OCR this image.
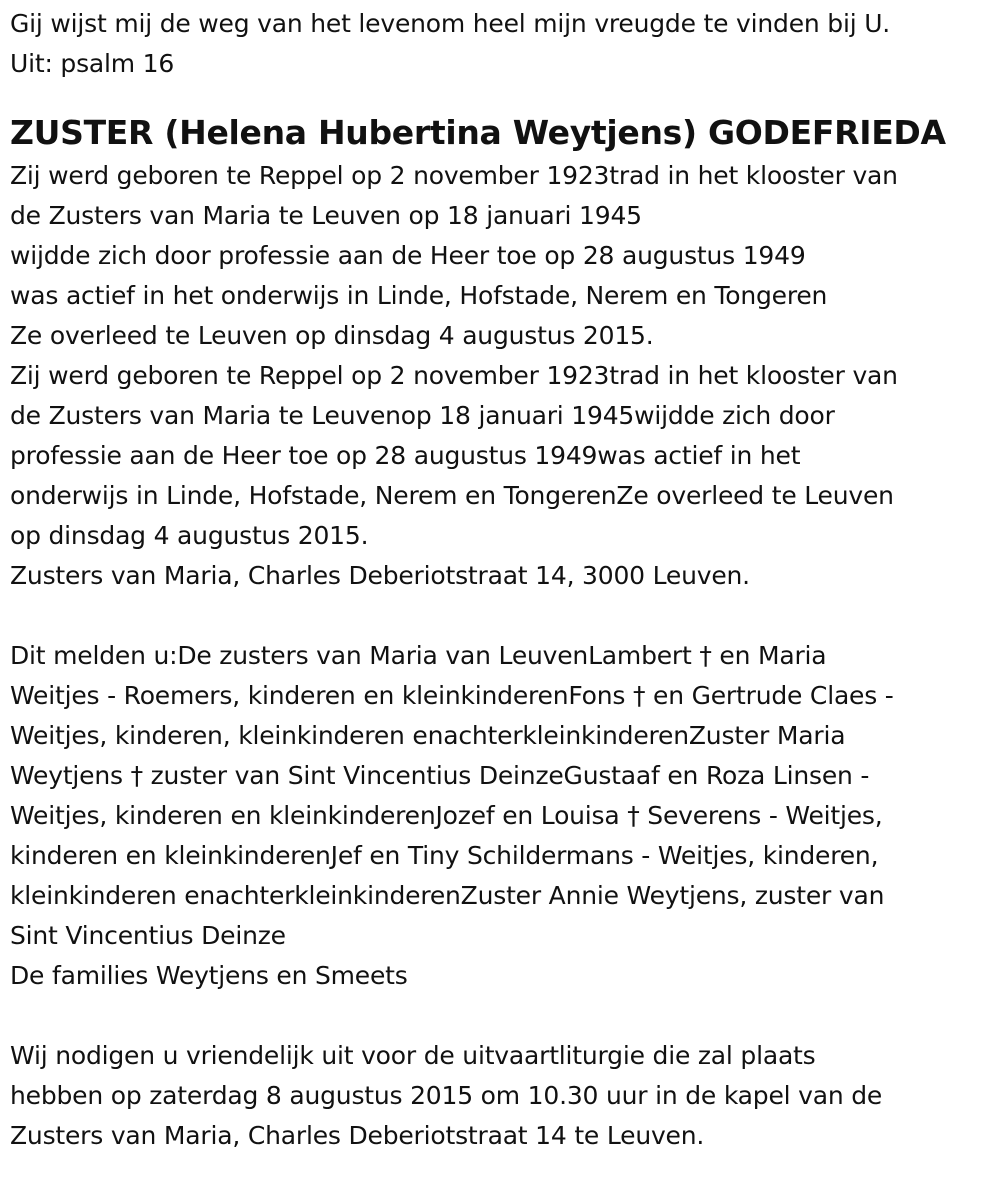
Gij wijst mij de weg van het levenom heel mijn vreugde te vinden bij U.
Uit: psalm 16
ZUSTER (Helena Hubertina Weytjens) GODEFRIEDA
Zij werd geboren te Reppel op 2 november 1923trad in het klooster van
de Zusters van Maria te Leuven op 18 januari 1945
wijdde zich door professie aan de Heer toe op 28 augustus 1949
was actief in het onderwijs in Linde, Hofstade, Nerem en Tongeren
Ze overleed te Leuven op dinsdag 4 augustus 2015.
Zij werd geboren te Reppel op 2 november 1923trad in het klooster van
de Zusters van Maria te Leuvenop 18 januari 1945wijdde zich door
professie aan de Heer toe op 28 augustus 1949was actief in het
onderwijs in Linde, Hofstade, Nerem en TongerenZe overleed te Leuven
op dinsdag 4 augustus 2015.
Zusters van Maria, Charles Deberiotstraat 14, 3000 Leuven.
Dit melden u:De zusters van Maria van LeuvenLambert † en Maria
Weitjes - Roemers, kinderen en kleinkinderenFons † en Gertrude Claes -
Weitjes, kinderen, kleinkinderen enachterkleinkinderenZuster Maria
Weytjens † zuster van Sint Vincentius DeinzeGustaaf en Roza Linsen -
Weitjes, kinderen en kleinkinderenJozef en Louisa † Severens - Weitjes,
kinderen en kleinkinderenJef en Tiny Schildermans - Weitjes, kinderen,
kleinkinderen enachterkleinkinderenZuster Annie Weytjens, zuster van
Sint Vincentius Deinze
De families Weytjens en Smeets
Wij nodigen u vriendelijk uit voor de uitvaartliturgie die zal plaats
hebben op zaterdag 8 augustus 2015 om 10.30 uur in de kapel van de
Zusters van Maria, Charles Deberiotstraat 14 te Leuven.
